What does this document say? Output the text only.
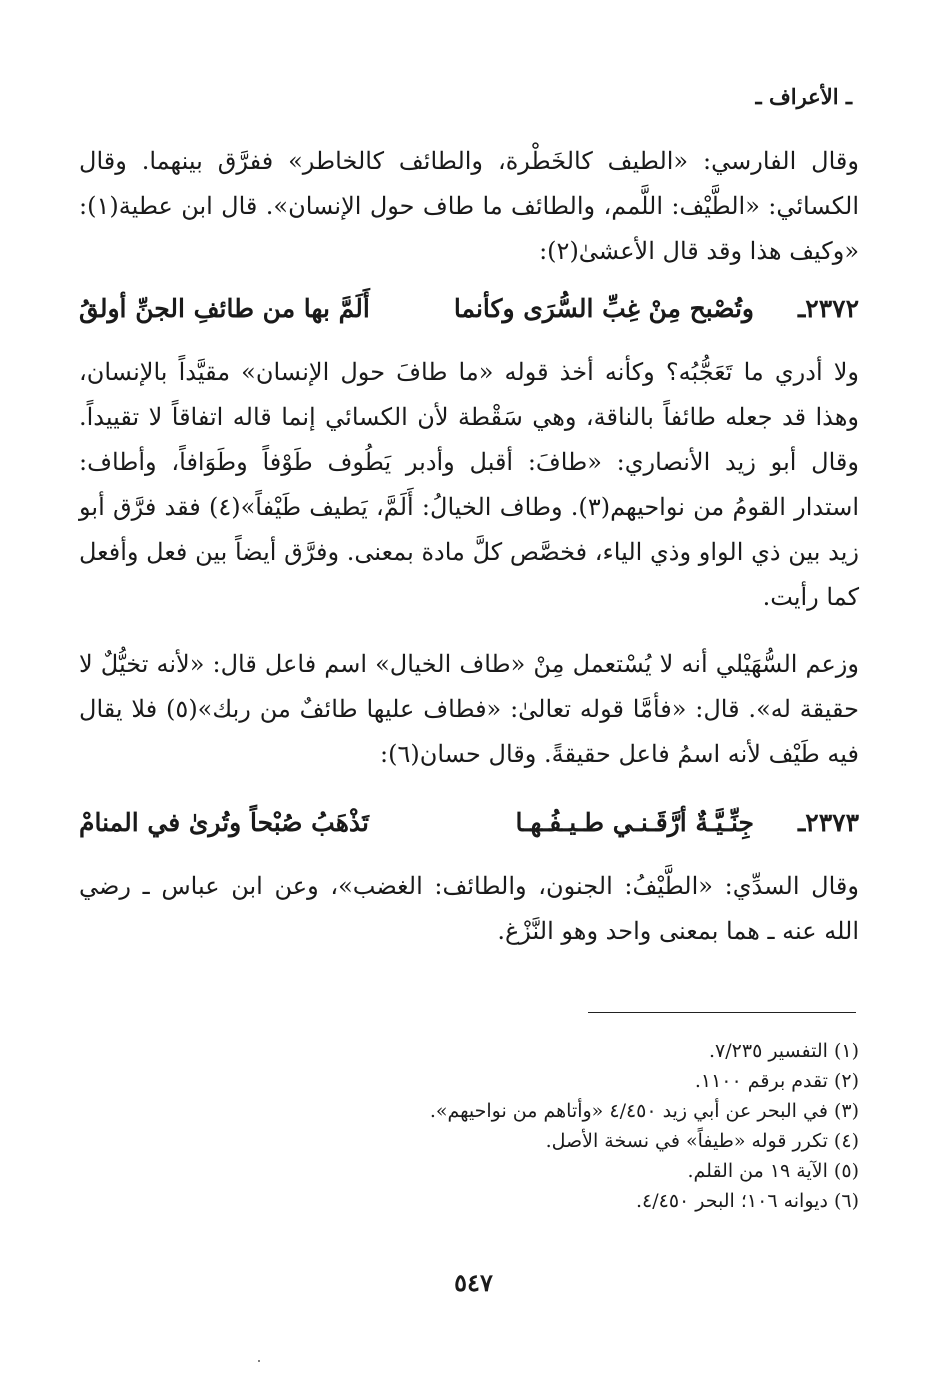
ـ الأعراف ـ
وقال الفارسي: «الطيف كالخَطْرة، والطائف كالخاطر» ففرَّق بينهما. وقال الكسائي: «الطَّيْف: اللَّمم، والطائف ما طاف حول الإنسان». قال ابن عطية(١): «وكيف هذا وقد قال الأعشىٰ(٢):
٢٣٧٢ـ
وتُصْبح مِنْ غِبِّ السُّرَى وكأنما
أَلَمَّ بها من طائفِ الجنِّ أولقُ
ولا أدري ما تَعَجُّبُه؟ وكأنه أخذ قوله «ما طافَ حول الإنسان» مقيَّداً بالإنسان، وهذا قد جعله طائفاً بالناقة، وهي سَقْطة لأن الكسائي إنما قاله اتفاقاً لا تقييداً. وقال أبو زيد الأنصاري: «طافَ: أقبل وأدبر يَطُوف طَوْفاً وطَوَافاً، وأطاف: استدار القومُ من نواحيهم(٣). وطاف الخيالُ: أَلَمَّ، يَطيف طَيْفاً»(٤) فقد فرَّق أبو زيد بين ذي الواو وذي الياء، فخصَّص كلَّ مادة بمعنى. وفرَّق أيضاً بين فعل وأفعل كما رأيت.
وزعم السُّهَيْلي أنه لا يُسْتعمل مِنْ «طاف الخيال» اسم فاعل قال: «لأنه تخيُّلٌ لا حقيقة له». قال: «فأمَّا قوله تعالىٰ: «فطاف عليها طائفٌ من ربك»(٥) فلا يقال فيه طَيْف لأنه اسمُ فاعل حقيقةً. وقال حسان(٦):
٢٣٧٣ـ
جِنِّـيَّـةٌ أرَّقَـنـي طـيـفُـهـا
تَذْهَبُ صُبْحاً وتُرىٰ في المنامْ
وقال السدِّي: «الطَّيْفُ: الجنون، والطائف: الغضب»، وعن ابن عباس ـ رضي الله عنه ـ هما بمعنى واحد وهو النَّزْغ.
(١) التفسير ٧/٢٣٥.
(٢) تقدم برقم ١١٠٠.
(٣) في البحر عن أبي زيد ٤/٤٥٠ «وأتاهم من نواحيهم».
(٤) تكرر قوله «طيفاً» في نسخة الأصل.
(٥) الآية ١٩ من القلم.
(٦) ديوانه ١٠٦؛ البحر ٤/٤٥٠.
٥٤٧
